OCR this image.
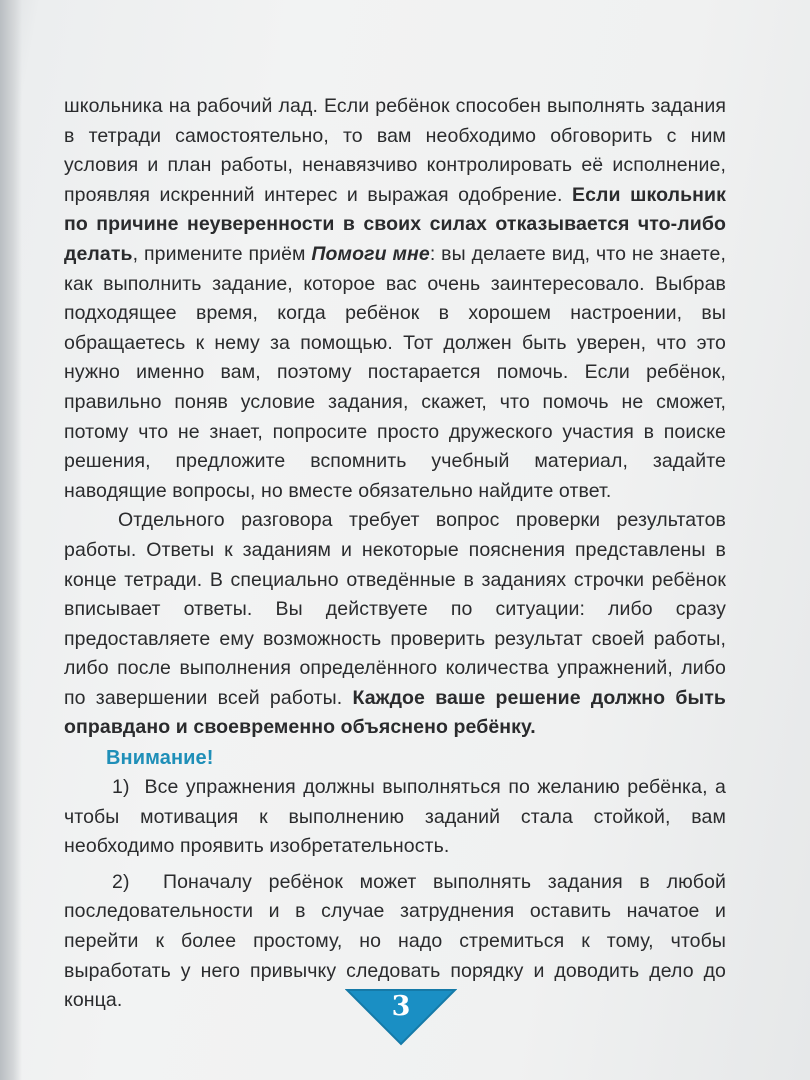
школьника на рабочий лад. Если ребёнок способен выполнять задания в тетради самостоятельно, то вам необходимо обговорить с ним условия и план работы, ненавязчиво контролировать её исполнение, проявляя искренний интерес и выражая одобрение. Если школьник по причине неуверенности в своих силах отказывается что-либо делать, примените приём Помоги мне: вы делаете вид, что не знаете, как выполнить задание, которое вас очень заинтересовало. Выбрав подходящее время, когда ребёнок в хорошем настроении, вы обращаетесь к нему за помощью. Тот должен быть уверен, что это нужно именно вам, поэтому постарается помочь. Если ребёнок, правильно поняв условие задания, скажет, что помочь не сможет, потому что не знает, попросите просто дружеского участия в поиске решения, предложите вспомнить учебный материал, задайте наводящие вопросы, но вместе обязательно найдите ответ.

Отдельного разговора требует вопрос проверки результатов работы. Ответы к заданиям и некоторые пояснения представлены в конце тетради. В специально отведённые в заданиях строчки ребёнок вписывает ответы. Вы действуете по ситуации: либо сразу предоставляете ему возможность проверить результат своей работы, либо после выполнения определённого количества упражнений, либо по завершении всей работы. Каждое ваше решение должно быть оправдано и своевременно объяснено ребёнку.

Внимание!

1) Все упражнения должны выполняться по желанию ребёнка, а чтобы мотивация к выполнению заданий стала стойкой, вам необходимо проявить изобретательность.

2) Поначалу ребёнок может выполнять задания в любой последовательности и в случае затруднения оставить начатое и перейти к более простому, но надо стремиться к тому, чтобы выработать у него привычку следовать порядку и доводить дело до конца.	3
